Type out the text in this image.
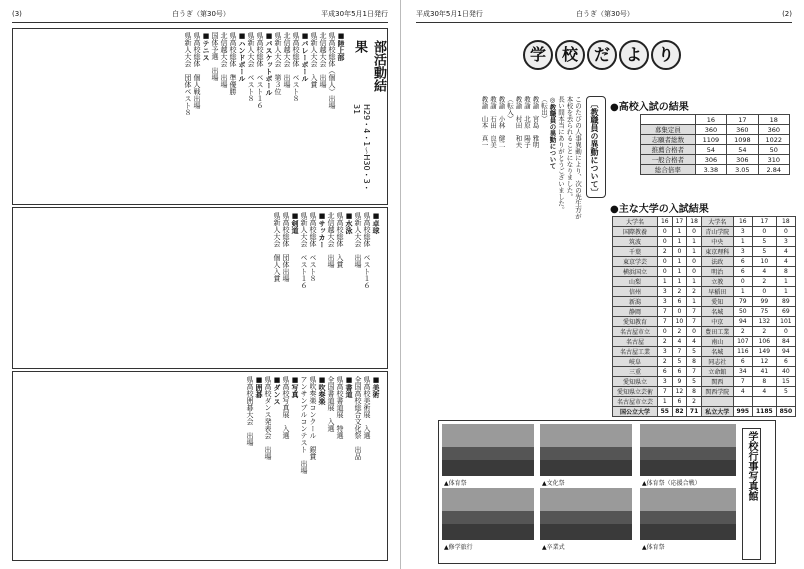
(3)	白うぎ（第30号）	平成30年5月1日発行
部活動結果
H29・4・1〜H30・3・31
■陸上部
県高校総体（個人）出場
北信越大会　出場
県新人大会　入賞
■バレーボール
県高校総体　ベスト８
北信越大会　出場
県新人大会　第３位
■バスケットボール
県高校総体　ベスト１６
県新人大会　ベスト８
■ハンドボール
県高校総体　準優勝
北信越大会　出場
国体予選　出場
■テニス
県高校総体　個人戦出場
県新人大会　団体ベスト８
■卓球
県高校総体　ベスト１６
県新人大会　出場
■水泳
県高校総体　入賞
北信越大会　出場
■サッカー
県高校総体　ベスト８
県新人大会　ベスト１６
■剣道
県高校総体　団体出場
県新人大会　個人入賞
■美術
県高校美術展　入選
全国高校総合文化祭　出品
■書道
県高校書道展　特選
全国書道展　入選
■吹奏楽
県吹奏楽コンクール　銀賞
アンサンブルコンテスト　出場
■写真
県高校写真展　入選
■ダンス
県高校ダンス発表会　出場
■囲碁
県高校囲碁大会　出場
平成30年5月1日発行	白うぎ（第30号）	(2)
学 校 だ よ り
〔教職員の異動について〕
このたびの人事異動により、次の先生方が
本校を去られることになりました。
長い間本当にありがとうございました。
◎教職員の異動について
（転出）
教諭　宮島　雅明
教諭　北原　陽子
教諭　村田　和夫
（転入）
教諭　小林　健二
教諭　石田　良美
教諭　山本　真一	●高校入試の結果
	16	17	18
募集定員	360	360	360
志願者総数	1109	1098	1022
推薦合格者	54	54	50
一般合格者	306	306	310
総合倍率	3.38	3.05	2.84
●主な大学の入試結果
大学名	16	17	18	大学名	16	17	18
国際教養	0	1	0	青山学院	3	0	0
筑波	0	1	1	中央	1	5	3
千葉	2	0	1	東京理科	3	5	4
東京学芸	0	1	0	法政	6	10	4
横浜国立	0	1	0	明治	6	4	8
山梨	1	1	1	立教	0	2	1
信州	3	2	2	早稲田	1	0	1
新潟	3	6	1	愛知	79	99	89
静岡	7	0	7	名城	50	75	69
愛知教育	7	10	7	中京	94	132	101
名古屋市立	0	2	0	豊田工業	2	2	0
名古屋	2	4	4	南山	107	106	84
名古屋工業	3	7	5	名城	116	149	94
岐阜	2	5	8	同志社	6	12	6
三重	6	6	7	立命館	34	41	40
愛知県立	3	9	5	関西	7	8	15
愛知県立芸術	7	12	8	関西学院	4	4	5
名古屋市立芸	1	6	2				
国公立大学	55	82	71	私立大学	995	1185	850
学校行事写真館
▲体育祭	▲文化祭	▲体育祭（応援合戦）
▲修学旅行	▲卒業式	▲体育祭
